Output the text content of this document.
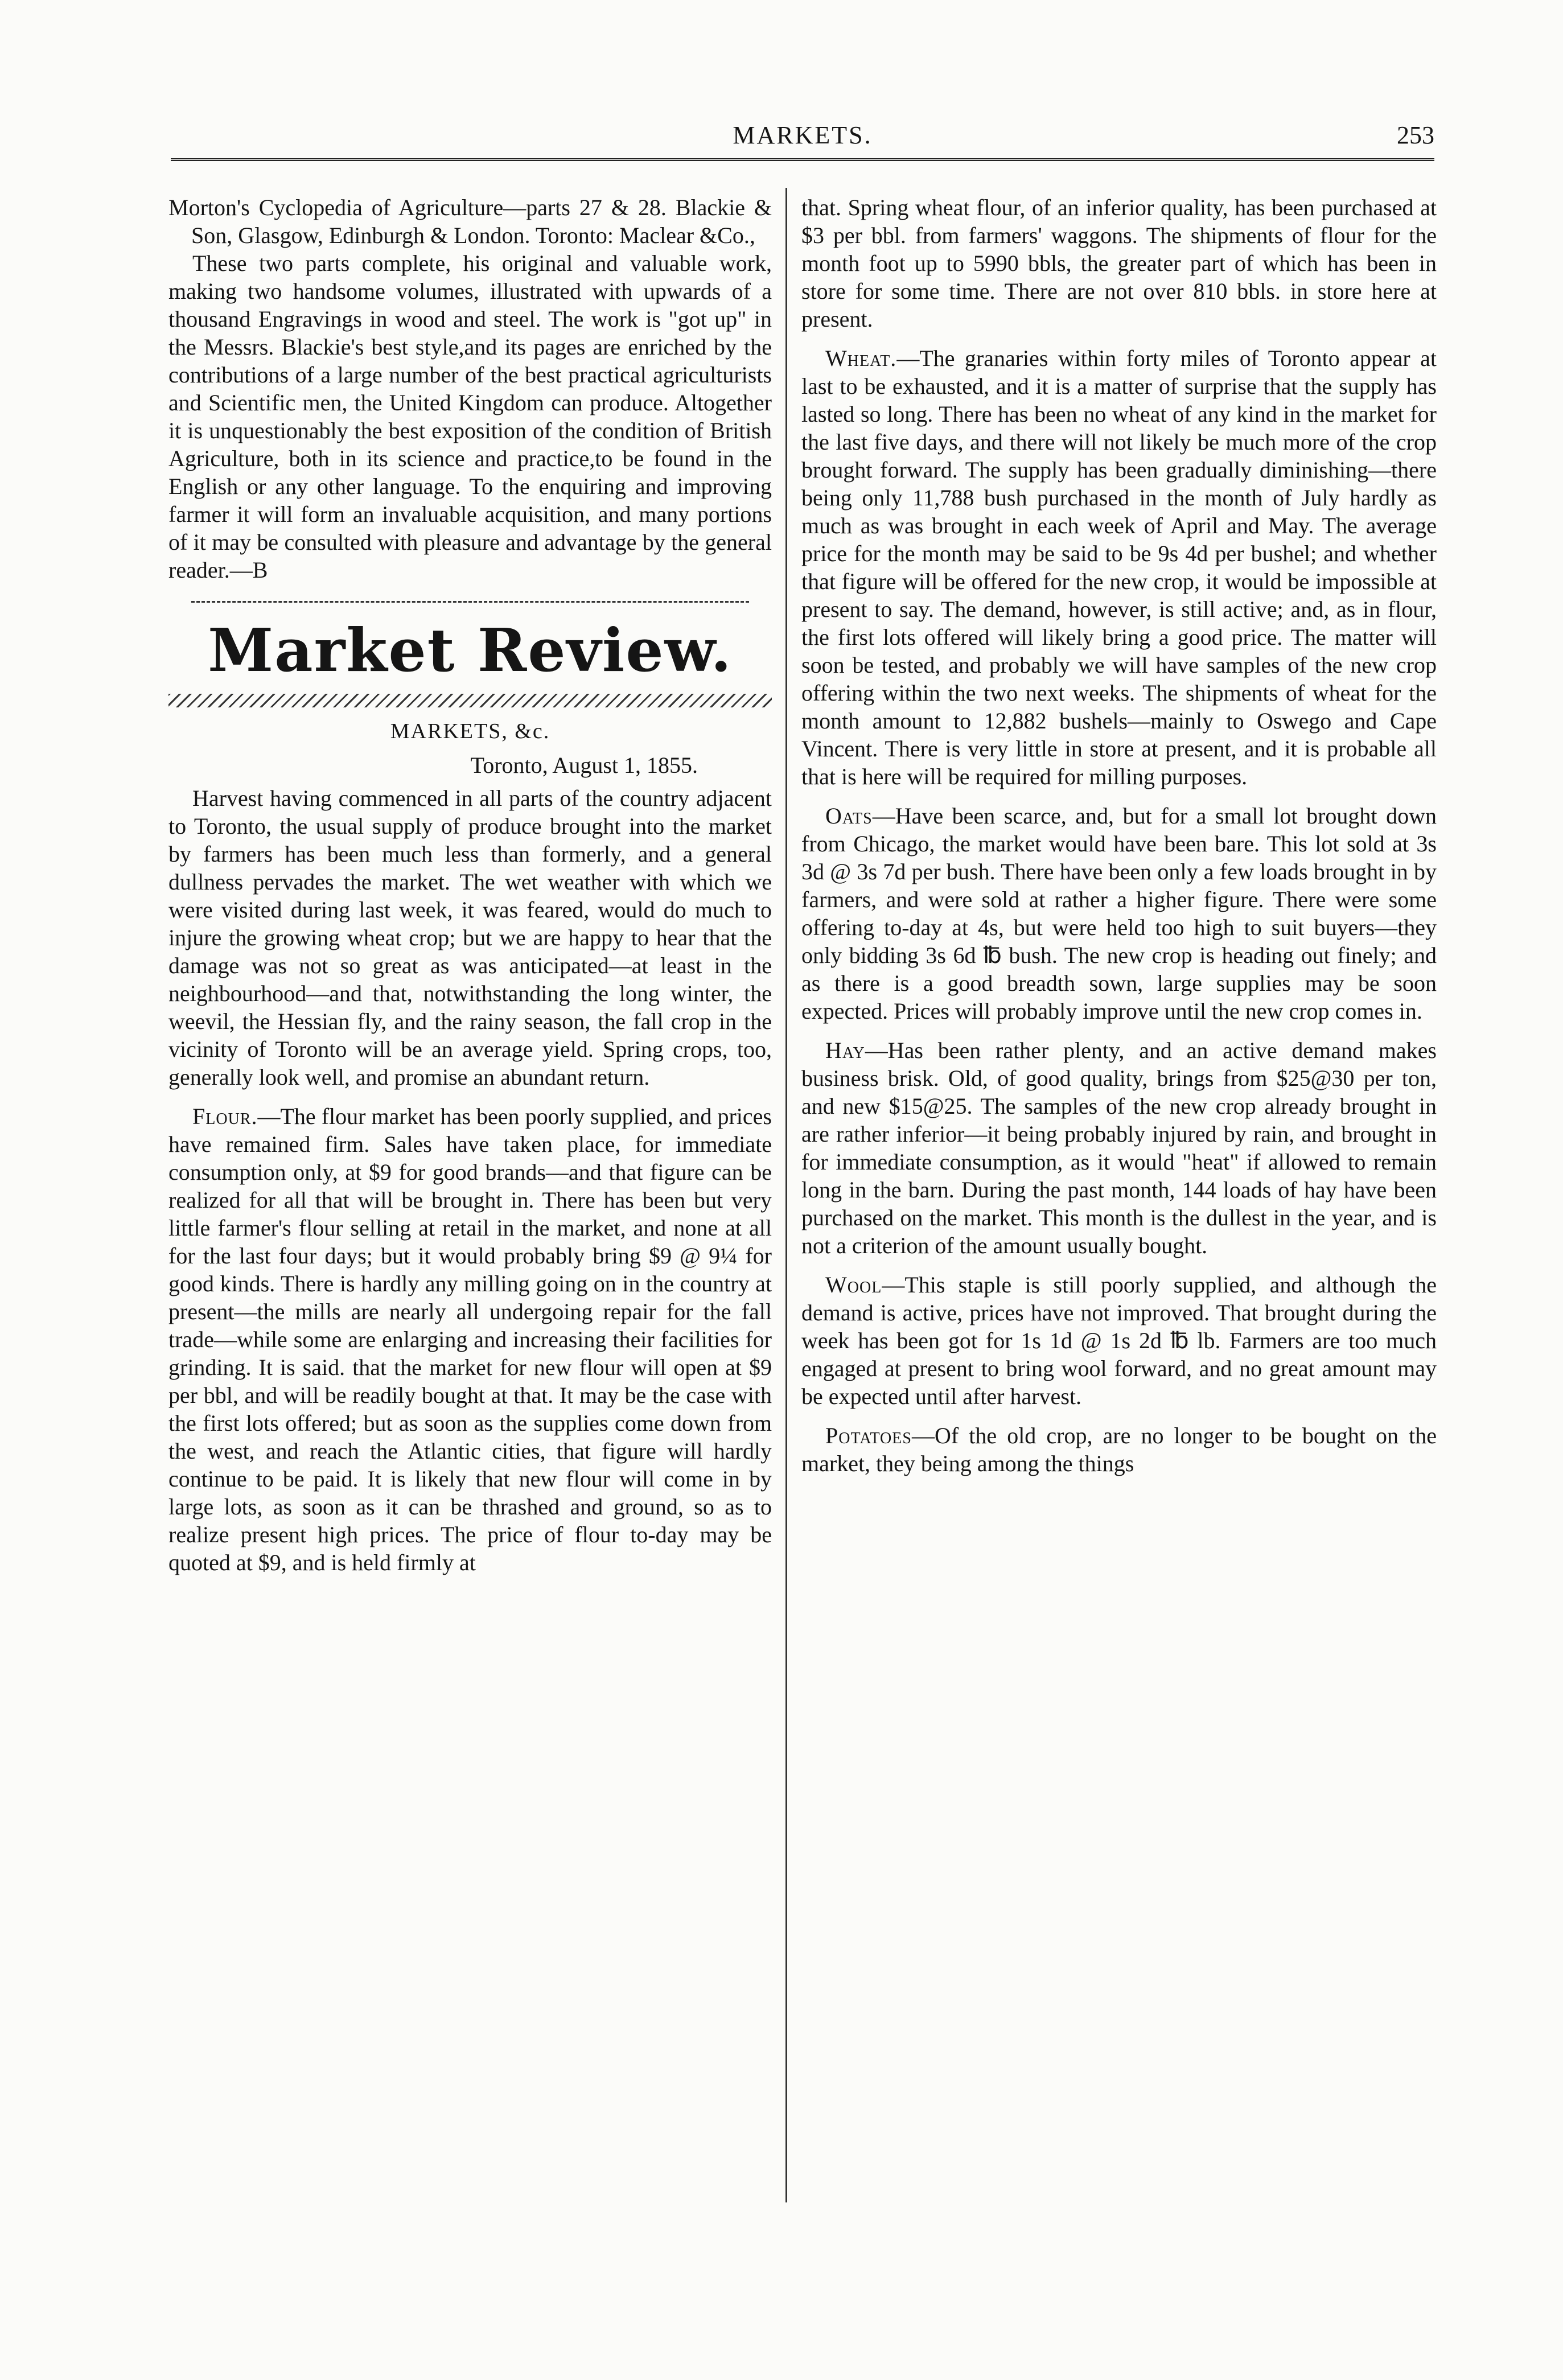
MARKETS.	253

Morton's Cyclopedia of Agriculture—parts 27 & 28. Blackie & Son, Glasgow, Edinburgh & London. Toronto: Maclear &Co.,

These two parts complete, his original and valuable work, making two handsome volumes, illustrated with upwards of a thousand Engravings in wood and steel. The work is "got up" in the Messrs. Blackie's best style,and its pages are enriched by the contributions of a large number of the best practical agriculturists and Scientific men, the United Kingdom can produce. Altogether it is unquestionably the best exposition of the condition of British Agriculture, both in its science and practice,to be found in the English or any other language. To the enquiring and improving farmer it will form an invaluable acquisition, and many portions of it may be consulted with pleasure and advantage by the general reader.—B

Market Review.
MARKETS, &c.
Toronto, August 1, 1855.

Harvest having commenced in all parts of the country adjacent to Toronto, the usual supply of produce brought into the market by farmers has been much less than formerly, and a general dullness pervades the market. The wet weather with which we were visited during last week, it was feared, would do much to injure the growing wheat crop; but we are happy to hear that the damage was not so great as was anticipated—at least in the neighbourhood—and that, notwithstanding the long winter, the weevil, the Hessian fly, and the rainy season, the fall crop in the vicinity of Toronto will be an average yield. Spring crops, too, generally look well, and promise an abundant return.

Flour.—The flour market has been poorly supplied, and prices have remained firm. Sales have taken place, for immediate consumption only, at $9 for good brands—and that figure can be realized for all that will be brought in. There has been but very little farmer's flour selling at retail in the market, and none at all for the last four days; but it would probably bring $9 @ 9¼ for good kinds. There is hardly any milling going on in the country at present—the mills are nearly all undergoing repair for the fall trade—while some are enlarging and increasing their facilities for grinding. It is said. that the market for new flour will open at $9 per bbl, and will be readily bought at that. It may be the case with the first lots offered; but as soon as the supplies come down from the west, and reach the Atlantic cities, that figure will hardly continue to be paid. It is likely that new flour will come in by large lots, as soon as it can be thrashed and ground, so as to realize present high prices. The price of flour to-day may be quoted at $9, and is held firmly at

that. Spring wheat flour, of an inferior quality, has been purchased at $3 per bbl. from farmers' waggons. The shipments of flour for the month foot up to 5990 bbls, the greater part of which has been in store for some time. There are not over 810 bbls. in store here at present.

Wheat.—The granaries within forty miles of Toronto appear at last to be exhausted, and it is a matter of surprise that the supply has lasted so long. There has been no wheat of any kind in the market for the last five days, and there will not likely be much more of the crop brought forward. The supply has been gradually diminishing—there being only 11,788 bush purchased in the month of July hardly as much as was brought in each week of April and May. The average price for the month may be said to be 9s 4d per bushel; and whether that figure will be offered for the new crop, it would be impossible at present to say. The demand, however, is still active; and, as in flour, the first lots offered will likely bring a good price. The matter will soon be tested, and probably we will have samples of the new crop offering within the two next weeks. The shipments of wheat for the month amount to 12,882 bushels—mainly to Oswego and Cape Vincent. There is very little in store at present, and it is probable all that is here will be required for milling purposes.

Oats—Have been scarce, and, but for a small lot brought down from Chicago, the market would have been bare. This lot sold at 3s 3d @ 3s 7d per bush. There have been only a few loads brought in by farmers, and were sold at rather a higher figure. There were some offering to-day at 4s, but were held too high to suit buyers—they only bidding 3s 6d ℔ bush. The new crop is heading out finely; and as there is a good breadth sown, large supplies may be soon expected. Prices will probably improve until the new crop comes in.

Hay—Has been rather plenty, and an active demand makes business brisk. Old, of good quality, brings from $25@30 per ton, and new $15@25. The samples of the new crop already brought in are rather inferior—it being probably injured by rain, and brought in for immediate consumption, as it would "heat" if allowed to remain long in the barn. During the past month, 144 loads of hay have been purchased on the market. This month is the dullest in the year, and is not a criterion of the amount usually bought.

Wool—This staple is still poorly supplied, and although the demand is active, prices have not improved. That brought during the week has been got for 1s 1d @ 1s 2d ℔ lb. Farmers are too much engaged at present to bring wool forward, and no great amount may be expected until after harvest.

Potatoes—Of the old crop, are no longer to be bought on the market, they being among the things
